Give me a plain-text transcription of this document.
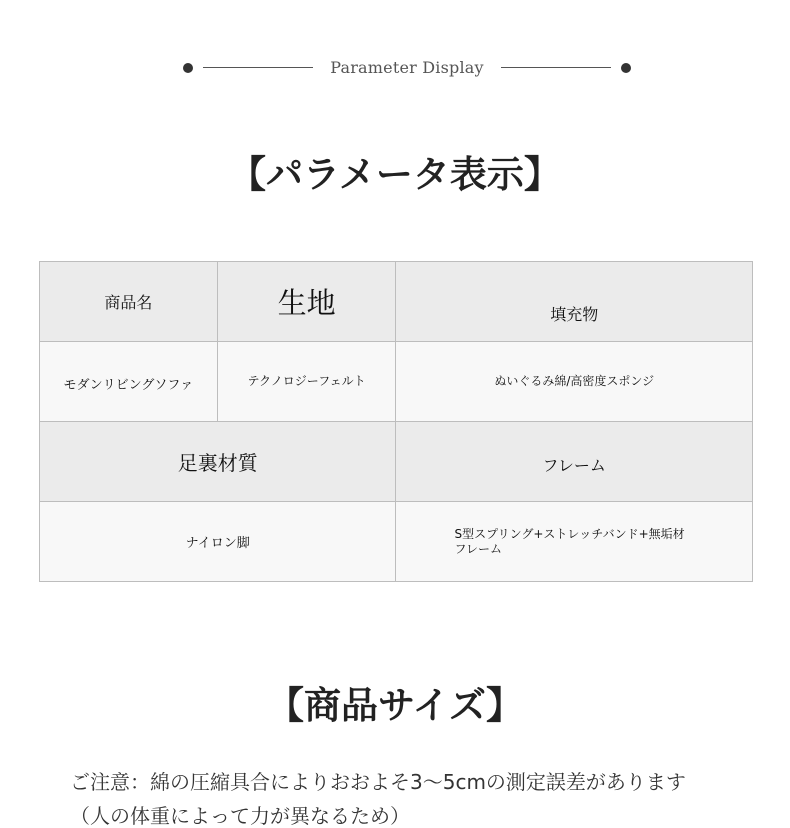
Parameter Display
【パラメータ表示】
商品名	生地	填充物
モダンリビングソファ	テクノロジーフェルト	ぬいぐるみ綿/高密度スポンジ
足裏材質		フレーム
ナイロン脚		S型スプリング+ストレッチバンド+無垢材
フレーム
【商品サイズ】
ご注意：綿の圧縮具合によりおおよそ3～5cmの測定誤差があります
（人の体重によって力が異なるため）
